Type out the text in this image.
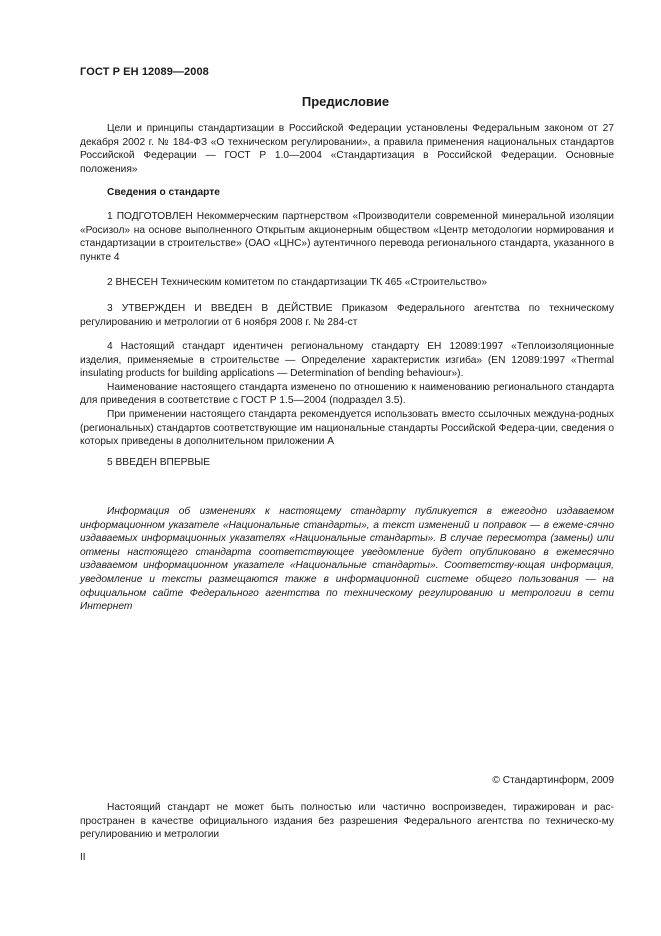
ГОСТ Р ЕН 12089—2008
Предисловие

Цели и принципы стандартизации в Российской Федерации установлены Федеральным законом от 27 декабря 2002 г. № 184-ФЗ «О техническом регулировании», а правила применения национальных стандартов Российской Федерации — ГОСТ Р 1.0—2004 «Стандартизация в Российской Федерации. Основные положения»

Сведения о стандарте

1 ПОДГОТОВЛЕН Некоммерческим партнерством «Производители современной минеральной изоляции «Росизол» на основе выполненного Открытым акционерным обществом «Центр методологии нормирования и стандартизации в строительстве» (ОАО «ЦНС») аутентичного перевода регионального стандарта, указанного в пункте 4

2 ВНЕСЕН Техническим комитетом по стандартизации ТК 465 «Строительство»

3 УТВЕРЖДЕН И ВВЕДЕН В ДЕЙСТВИЕ Приказом Федерального агентства по техническому регулированию и метрологии от 6 ноября 2008 г. № 284-ст

4 Настоящий стандарт идентичен региональному стандарту ЕН 12089:1997 «Теплоизоляционные изделия, применяемые в строительстве — Определение характеристик изгиба» (EN 12089:1997 «Thermal insulating products for building applications — Determination of bending behaviour»).

Наименование настоящего стандарта изменено по отношению к наименованию регионального стандарта для приведения в соответствие с ГОСТ Р 1.5—2004 (подраздел 3.5).

При применении настоящего стандарта рекомендуется использовать вместо ссылочных междуна-родных (региональных) стандартов соответствующие им национальные стандарты Российской Федера-ции, сведения о которых приведены в дополнительном приложении А

5 ВВЕДЕН ВПЕРВЫЕ

Информация об изменениях к настоящему стандарту публикуется в ежегодно издаваемом информационном указателе «Национальные стандарты», а текст изменений и поправок — в ежеме-сячно издаваемых информационных указателях «Национальные стандарты». В случае пересмотра (замены) или отмены настоящего стандарта соответствующее уведомление будет опубликовано в ежемесячно издаваемом информационном указателе «Национальные стандарты». Соответству-ющая информация, уведомление и тексты размещаются также в информационной системе общего пользования — на официальном сайте Федерального агентства по техническому регулированию и метрологии в сети Интернет

© Стандартинформ, 2009

Настоящий стандарт не может быть полностью или частично воспроизведен, тиражирован и рас-пространен в качестве официального издания без разрешения Федерального агентства по техническо-му регулированию и метрологии

II
